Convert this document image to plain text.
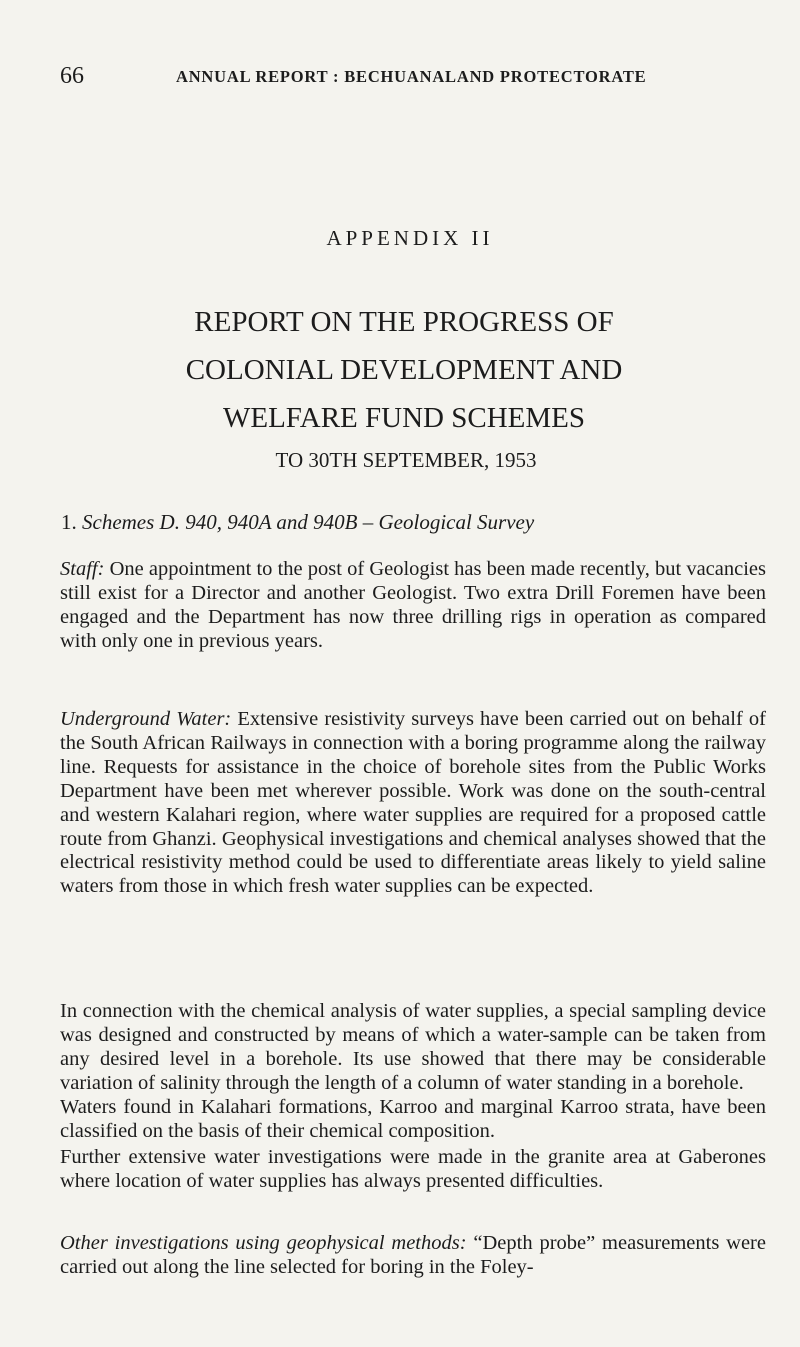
66	ANNUAL REPORT : BECHUANALAND PROTECTORATE
APPENDIX II
REPORT ON THE PROGRESS OF
COLONIAL DEVELOPMENT AND
WELFARE FUND SCHEMES
TO 30TH SEPTEMBER, 1953
1. Schemes D. 940, 940A and 940B – Geological Survey

Staff: One appointment to the post of Geologist has been made recently, but vacancies still exist for a Director and another Geologist. Two extra Drill Foremen have been engaged and the Department has now three drilling rigs in operation as compared with only one in previous years.

Underground Water: Extensive resistivity surveys have been carried out on behalf of the South African Railways in connection with a boring programme along the railway line. Requests for assistance in the choice of borehole sites from the Public Works Department have been met wherever possible. Work was done on the south-central and western Kalahari region, where water supplies are required for a proposed cattle route from Ghanzi. Geophysical investigations and chemical analyses showed that the electrical resistivity method could be used to differentiate areas likely to yield saline waters from those in which fresh water supplies can be expected.

In connection with the chemical analysis of water supplies, a special sampling device was designed and constructed by means of which a water-sample can be taken from any desired level in a borehole. Its use showed that there may be considerable variation of salinity through the length of a column of water standing in a borehole.

Waters found in Kalahari formations, Karroo and marginal Karroo strata, have been classified on the basis of their chemical composition.

Further extensive water investigations were made in the granite area at Gaberones where location of water supplies has always presented difficulties.

Other investigations using geophysical methods: “Depth probe” measurements were carried out along the line selected for boring in the Foley-
